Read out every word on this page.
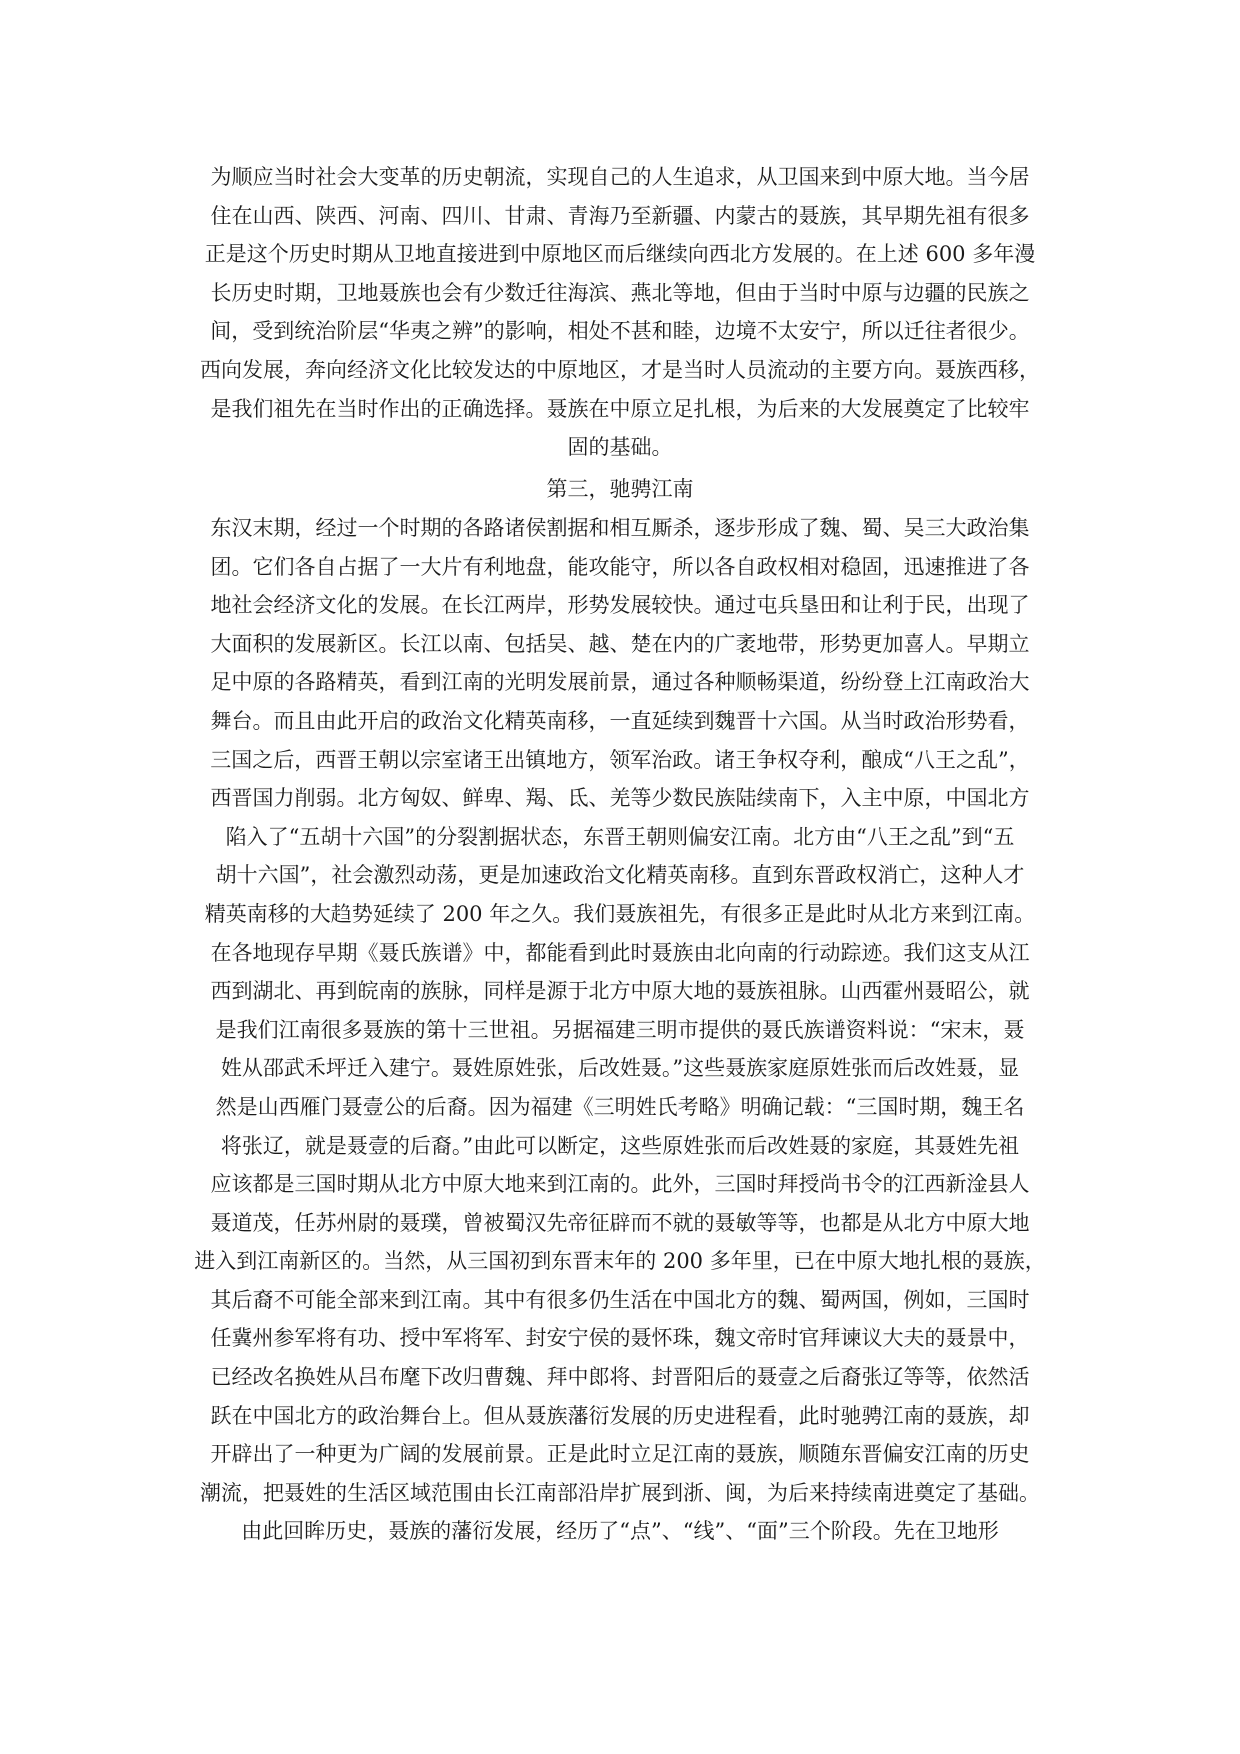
为顺应当时社会大变革的历史朝流，实现自己的人生追求，从卫国来到中原大地。当今居
住在山西、陕西、河南、四川、甘肃、青海乃至新疆、内蒙古的聂族，其早期先祖有很多
正是这个历史时期从卫地直接进到中原地区而后继续向西北方发展的。在上述 600 多年漫
长历史时期，卫地聂族也会有少数迁往海滨、燕北等地，但由于当时中原与边疆的民族之
间，受到统治阶层“华夷之辨”的影响，相处不甚和睦，边境不太安宁，所以迁往者很少。
西向发展，奔向经济文化比较发达的中原地区，才是当时人员流动的主要方向。聂族西移，
是我们祖先在当时作出的正确选择。聂族在中原立足扎根，为后来的大发展奠定了比较牢
固的基础。
第三，驰骋江南
东汉末期，经过一个时期的各路诸侯割据和相互厮杀，逐步形成了魏、蜀、吴三大政治集
团。它们各自占据了一大片有利地盘，能攻能守，所以各自政权相对稳固，迅速推进了各
地社会经济文化的发展。在长江两岸，形势发展较快。通过屯兵垦田和让利于民，出现了
大面积的发展新区。长江以南、包括吴、越、楚在内的广袤地带，形势更加喜人。早期立
足中原的各路精英，看到江南的光明发展前景，通过各种顺畅渠道，纷纷登上江南政治大
舞台。而且由此开启的政治文化精英南移，一直延续到魏晋十六国。从当时政治形势看，
三国之后，西晋王朝以宗室诸王出镇地方，领军治政。诸王争权夺利，酿成“八王之乱”，
西晋国力削弱。北方匈奴、鲜卑、羯、氐、羌等少数民族陆续南下，入主中原，中国北方
陷入了“五胡十六国”的分裂割据状态，东晋王朝则偏安江南。北方由“八王之乱”到“五
胡十六国”，社会激烈动荡，更是加速政治文化精英南移。直到东晋政权消亡，这种人才
精英南移的大趋势延续了 200 年之久。我们聂族祖先，有很多正是此时从北方来到江南。
在各地现存早期《聂氏族谱》中，都能看到此时聂族由北向南的行动踪迹。我们这支从江
西到湖北、再到皖南的族脉，同样是源于北方中原大地的聂族祖脉。山西霍州聂昭公，就
是我们江南很多聂族的第十三世祖。另据福建三明市提供的聂氏族谱资料说：“宋末，聂
姓从邵武禾坪迁入建宁。聂姓原姓张，后改姓聂。”这些聂族家庭原姓张而后改姓聂，显
然是山西雁门聂壹公的后裔。因为福建《三明姓氏考略》明确记载：“三国时期，魏王名
将张辽，就是聂壹的后裔。”由此可以断定，这些原姓张而后改姓聂的家庭，其聂姓先祖
应该都是三国时期从北方中原大地来到江南的。此外，三国时拜授尚书令的江西新淦县人
聂道茂，任苏州尉的聂璞，曾被蜀汉先帝征辟而不就的聂敏等等，也都是从北方中原大地
进入到江南新区的。当然，从三国初到东晋末年的 200 多年里，已在中原大地扎根的聂族，
其后裔不可能全部来到江南。其中有很多仍生活在中国北方的魏、蜀两国，例如，三国时
任冀州参军将有功、授中军将军、封安宁侯的聂怀珠，魏文帝时官拜谏议大夫的聂景中，
已经改名换姓从吕布麾下改归曹魏、拜中郎将、封晋阳后的聂壹之后裔张辽等等，依然活
跃在中国北方的政治舞台上。但从聂族藩衍发展的历史进程看，此时驰骋江南的聂族，却
开辟出了一种更为广阔的发展前景。正是此时立足江南的聂族，顺随东晋偏安江南的历史
潮流，把聂姓的生活区域范围由长江南部沿岸扩展到浙、闽，为后来持续南进奠定了基础。
由此回眸历史，聂族的藩衍发展，经历了“点”、“线”、“面”三个阶段。先在卫地形
